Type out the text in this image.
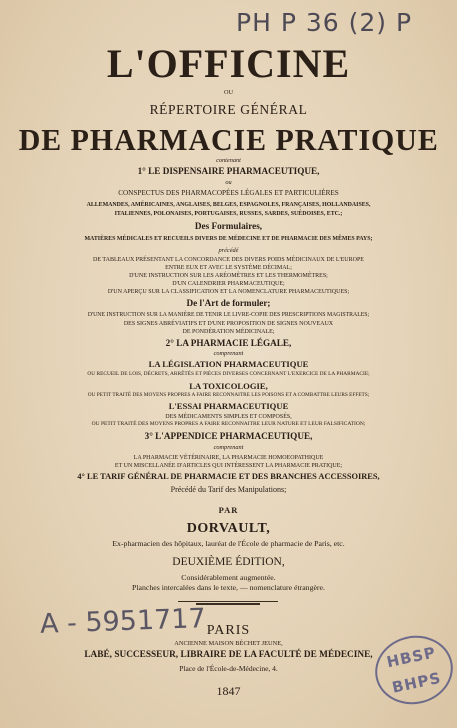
PH P 36 (2) P
L'OFFICINE
OU
RÉPERTOIRE GÉNÉRAL
DE PHARMACIE PRATIQUE
contenant
1° LE DISPENSAIRE PHARMACEUTIQUE,
ou
CONSPECTUS DES PHARMACOPÉES LÉGALES ET PARTICULIÈRES
ALLEMANDES, AMÉRICAINES, ANGLAISES, BELGES, ESPAGNOLES, FRANÇAISES, HOLLANDAISES,
ITALIENNES, POLONAISES, PORTUGAISES, RUSSES, SARDES, SUÉDOISES, ETC.;
Des Formulaires,
MATIÈRES MÉDICALES ET RECUEILS DIVERS DE MÉDECINE ET DE PHARMACIE DES MÊMES PAYS;
précédé
DE TABLEAUX PRÉSENTANT LA CONCORDANCE DES DIVERS POIDS MÉDICINAUX DE L'EUROPE
ENTRE EUX ET AVEC LE SYSTÈME DÉCIMAL;
D'UNE INSTRUCTION SUR LES ARÉOMÈTRES ET LES THERMOMÈTRES;
D'UN CALENDRIER PHARMACEUTIQUE;
D'UN APERÇU SUR LA CLASSIFICATION ET LA NOMENCLATURE PHARMACEUTIQUES;
De l'Art de formuler;
D'UNE INSTRUCTION SUR LA MANIÈRE DE TENIR LE LIVRE-COPIE DES PRESCRIPTIONS MAGISTRALES;
DES SIGNES ABRÉVIATIFS ET D'UNE PROPOSITION DE SIGNES NOUVEAUX
DE PONDÉRATION MÉDICINALE;
2° LA PHARMACIE LÉGALE,
comprenant
LA LÉGISLATION PHARMACEUTIQUE
OU RECUEIL DE LOIS, DÉCRETS, ARRÊTÉS ET PIÈCES DIVERSES CONCERNANT L'EXERCICE DE LA PHARMACIE;
LA TOXICOLOGIE,
OU PETIT TRAITÉ DES MOYENS PROPRES A FAIRE RECONNAITRE LES POISONS ET A COMBATTRE LEURS EFFETS;
L'ESSAI PHARMACEUTIQUE
DES MÉDICAMENTS SIMPLES ET COMPOSÉS,
OU PETIT TRAITÉ DES MOYENS PROPRES A FAIRE RECONNAITRE LEUR NATURE ET LEUR FALSIFICATION;
3° L'APPENDICE PHARMACEUTIQUE,
comprenant
LA PHARMACIE VÉTÉRINAIRE, LA PHARMACIE HOMOEOPATHIQUE
ET UN MISCELLANÉE D'ARTICLES QUI INTÉRESSENT LA PHARMACIE PRATIQUE;
4° LE TARIF GÉNÉRAL DE PHARMACIE ET DES BRANCHES ACCESSOIRES,
Précédé du Tarif des Manipulations;
PAR
DORVAULT,
Ex-pharmacien des hôpitaux, lauréat de l'École de pharmacie de Paris, etc.
DEUXIÈME ÉDITION,
Considérablement augmentée.
Planches intercalées dans le texte, — nomenclature étrangère.
A - 5951717 PARIS
ANCIENNE MAISON BÉCHET JEUNE,
LABÉ, SUCCESSEUR, LIBRAIRE DE LA FACULTÉ DE MÉDECINE,
Place de l'École-de-Médecine, 4.
1847
HBSP
BHPS
